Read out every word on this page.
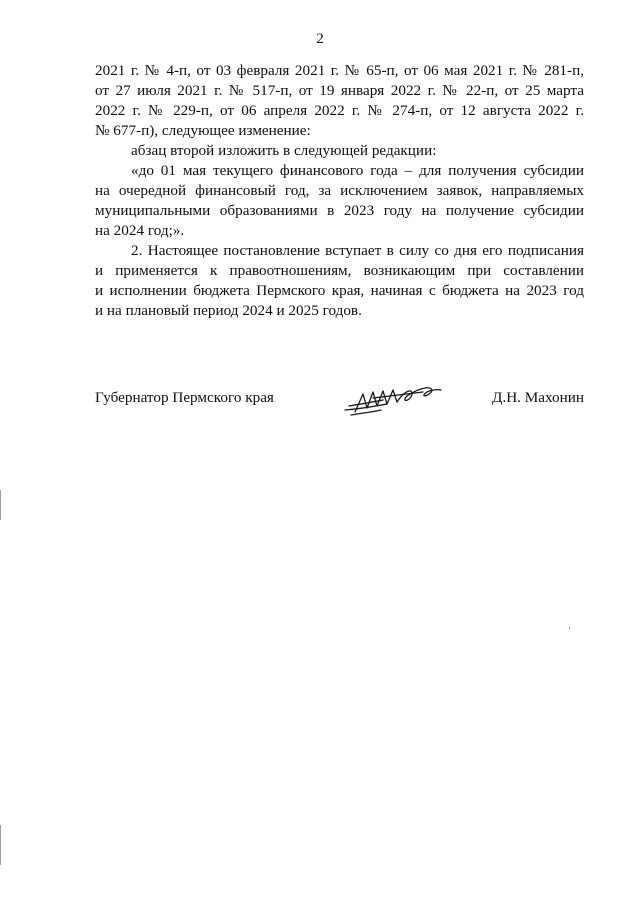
2
2021 г. № 4-п, от 03 февраля 2021 г. № 65-п, от 06 мая 2021 г. № 281-п,
от 27 июля 2021 г. № 517-п, от 19 января 2022 г. № 22-п, от 25 марта
2022 г. № 229-п, от 06 апреля 2022 г. № 274-п, от 12 августа 2022 г.
№ 677-п), следующее изменение:
абзац второй изложить в следующей редакции:
«до 01 мая текущего финансового года – для получения субсидии
на очередной финансовый год, за исключением заявок, направляемых
муниципальными образованиями в 2023 году на получение субсидии
на 2024 год;».
2. Настоящее постановление вступает в силу со дня его подписания
и применяется к правоотношениям, возникающим при составлении
и исполнении бюджета Пермского края, начиная с бюджета на 2023 год
и на плановый период 2024 и 2025 годов.
Губернатор Пермского края	Д.Н. Махонин
